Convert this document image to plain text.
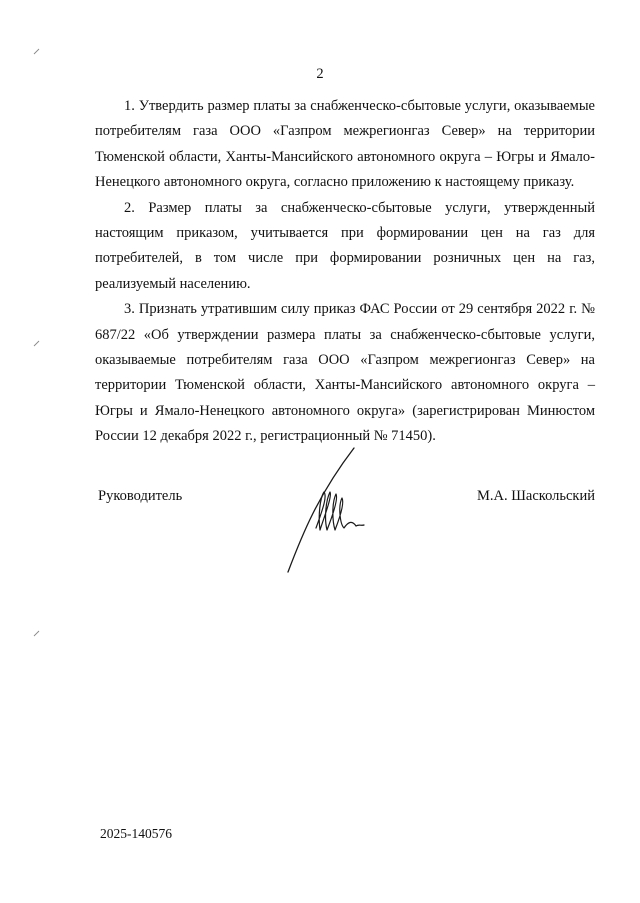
2

1. Утвердить размер платы за снабженческо-сбытовые услуги, оказываемые потребителям газа ООО «Газпром межрегионгаз Север» на территории Тюменской области, Ханты-Мансийского автономного округа – Югры и Ямало-Ненецкого автономного округа, согласно приложению к настоящему приказу.

2. Размер платы за снабженческо-сбытовые услуги, утвержденный настоящим приказом, учитывается при формировании цен на газ для потребителей, в том числе при формировании розничных цен на газ, реализуемый населению.

3. Признать утратившим силу приказ ФАС России от 29 сентября 2022 г. № 687/22 «Об утверждении размера платы за снабженческо-сбытовые услуги, оказываемые потребителям газа ООО «Газпром межрегионгаз Север» на территории Тюменской области, Ханты-Мансийского автономного округа – Югры и Ямало-Ненецкого автономного округа» (зарегистрирован Минюстом России 12 декабря 2022 г., регистрационный № 71450).

Руководитель	М.А. Шаскольский
2025-140576
